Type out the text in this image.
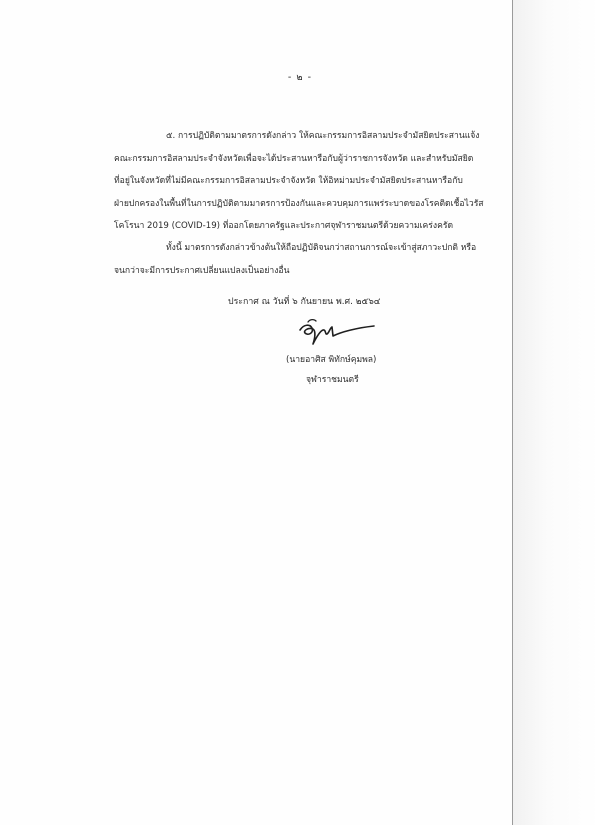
- ๒ -

๕. การปฏิบัติตามมาตรการดังกล่าว ให้คณะกรรมการอิสลามประจำมัสยิดประสานแจ้ง
คณะกรรมการอิสลามประจำจังหวัดเพื่อจะได้ประสานหารือกับผู้ว่าราชการจังหวัด และสำหรับมัสยิด
ที่อยู่ในจังหวัดที่ไม่มีคณะกรรมการอิสลามประจำจังหวัด ให้อิหม่ามประจำมัสยิดประสานหารือกับ
ฝ่ายปกครองในพื้นที่ในการปฏิบัติตามมาตรการป้องกันและควบคุมการแพร่ระบาดของโรคติดเชื้อไวรัส
โคโรนา 2019 (COVID-19) ที่ออกโดยภาครัฐและประกาศจุฬาราชมนตรีด้วยความเคร่งครัด

ทั้งนี้ มาตรการดังกล่าวข้างต้นให้ถือปฏิบัติจนกว่าสถานการณ์จะเข้าสู่สภาวะปกติ หรือ
จนกว่าจะมีการประกาศเปลี่ยนแปลงเป็นอย่างอื่น

ประกาศ ณ วันที่ ๖ กันยายน พ.ศ. ๒๕๖๔
(นายอาศิส พิทักษ์คุมพล)
จุฬาราชมนตรี
